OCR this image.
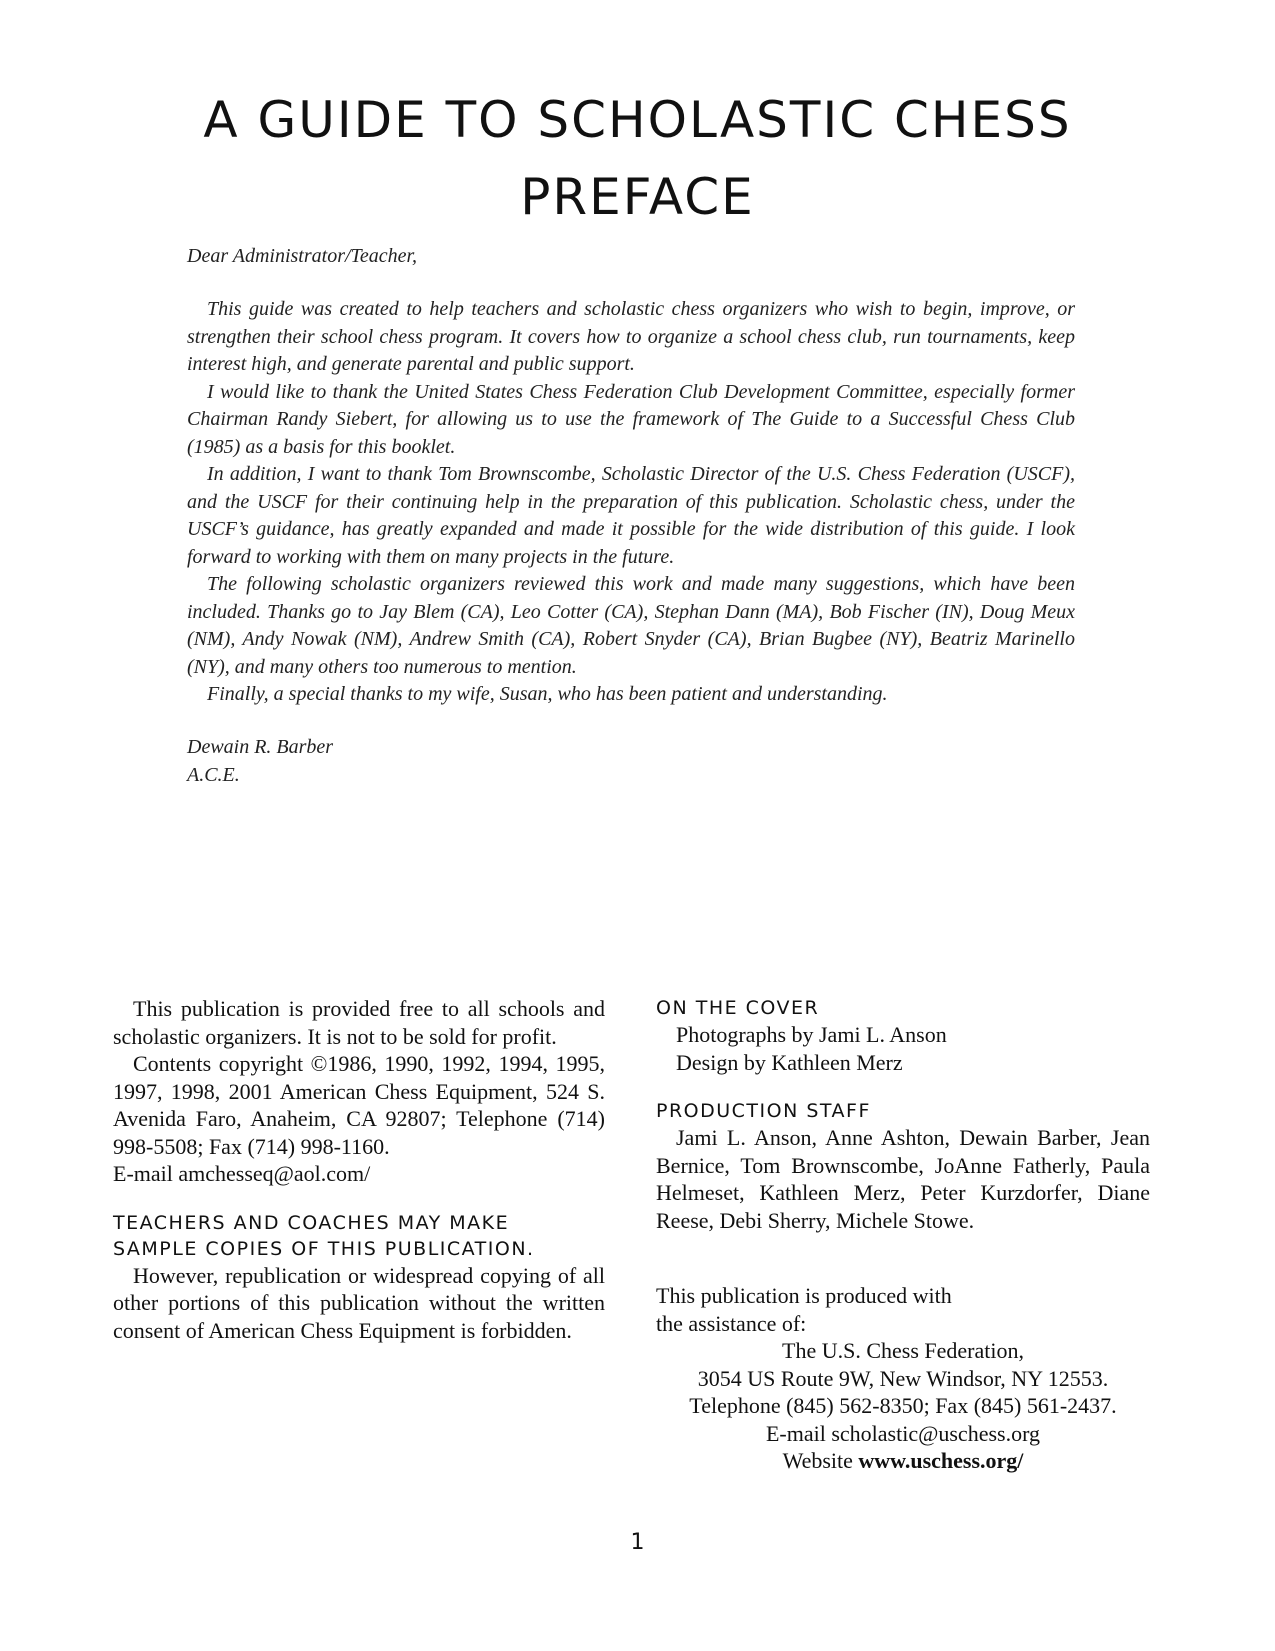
A GUIDE TO SCHOLASTIC CHESS
PREFACE

Dear Administrator/Teacher,

This guide was created to help teachers and scholastic chess organizers who wish to begin, improve, or strengthen their school chess program. It covers how to organize a school chess club, run tournaments, keep interest high, and generate parental and public support.

I would like to thank the United States Chess Federation Club Development Committee, especially former Chairman Randy Siebert, for allowing us to use the framework of The Guide to a Successful Chess Club (1985) as a basis for this booklet.

In addition, I want to thank Tom Brownscombe, Scholastic Director of the U.S. Chess Federation (USCF), and the USCF for their continuing help in the preparation of this publication. Scholastic chess, under the USCF’s guidance, has greatly expanded and made it possible for the wide distribution of this guide. I look forward to working with them on many projects in the future.

The following scholastic organizers reviewed this work and made many suggestions, which have been included. Thanks go to Jay Blem (CA), Leo Cotter (CA), Stephan Dann (MA), Bob Fischer (IN), Doug Meux (NM), Andy Nowak (NM), Andrew Smith (CA), Robert Snyder (CA), Brian Bugbee (NY), Beatriz Marinello (NY), and many others too numerous to mention.

Finally, a special thanks to my wife, Susan, who has been patient and understanding.

Dewain R. Barber

A.C.E.

This publication is provided free to all schools and scholastic organizers. It is not to be sold for profit.

Contents copyright ©1986, 1990, 1992, 1994, 1995, 1997, 1998, 2001 American Chess Equipment, 524 S. Avenida Faro, Anaheim, CA 92807; Telephone (714) 998-5508; Fax (714) 998-1160.

E-mail amchesseq@aol.com/

TEACHERS AND COACHES MAY MAKE

SAMPLE COPIES OF THIS PUBLICATION.

However, republication or widespread copying of all other portions of this publication without the written consent of American Chess Equipment is forbidden.

ON THE COVER

Photographs by Jami L. Anson

Design by Kathleen Merz

PRODUCTION STAFF

Jami L. Anson, Anne Ashton, Dewain Barber, Jean Bernice, Tom Brownscombe, JoAnne Fatherly, Paula Helmeset, Kathleen Merz, Peter Kurzdorfer, Diane Reese, Debi Sherry, Michele Stowe.

This publication is produced with

the assistance of:

The U.S. Chess Federation,

3054 US Route 9W, New Windsor, NY 12553.

Telephone (845) 562-8350; Fax (845) 561-2437.

E-mail scholastic@uschess.org

Website www.uschess.org/

1
